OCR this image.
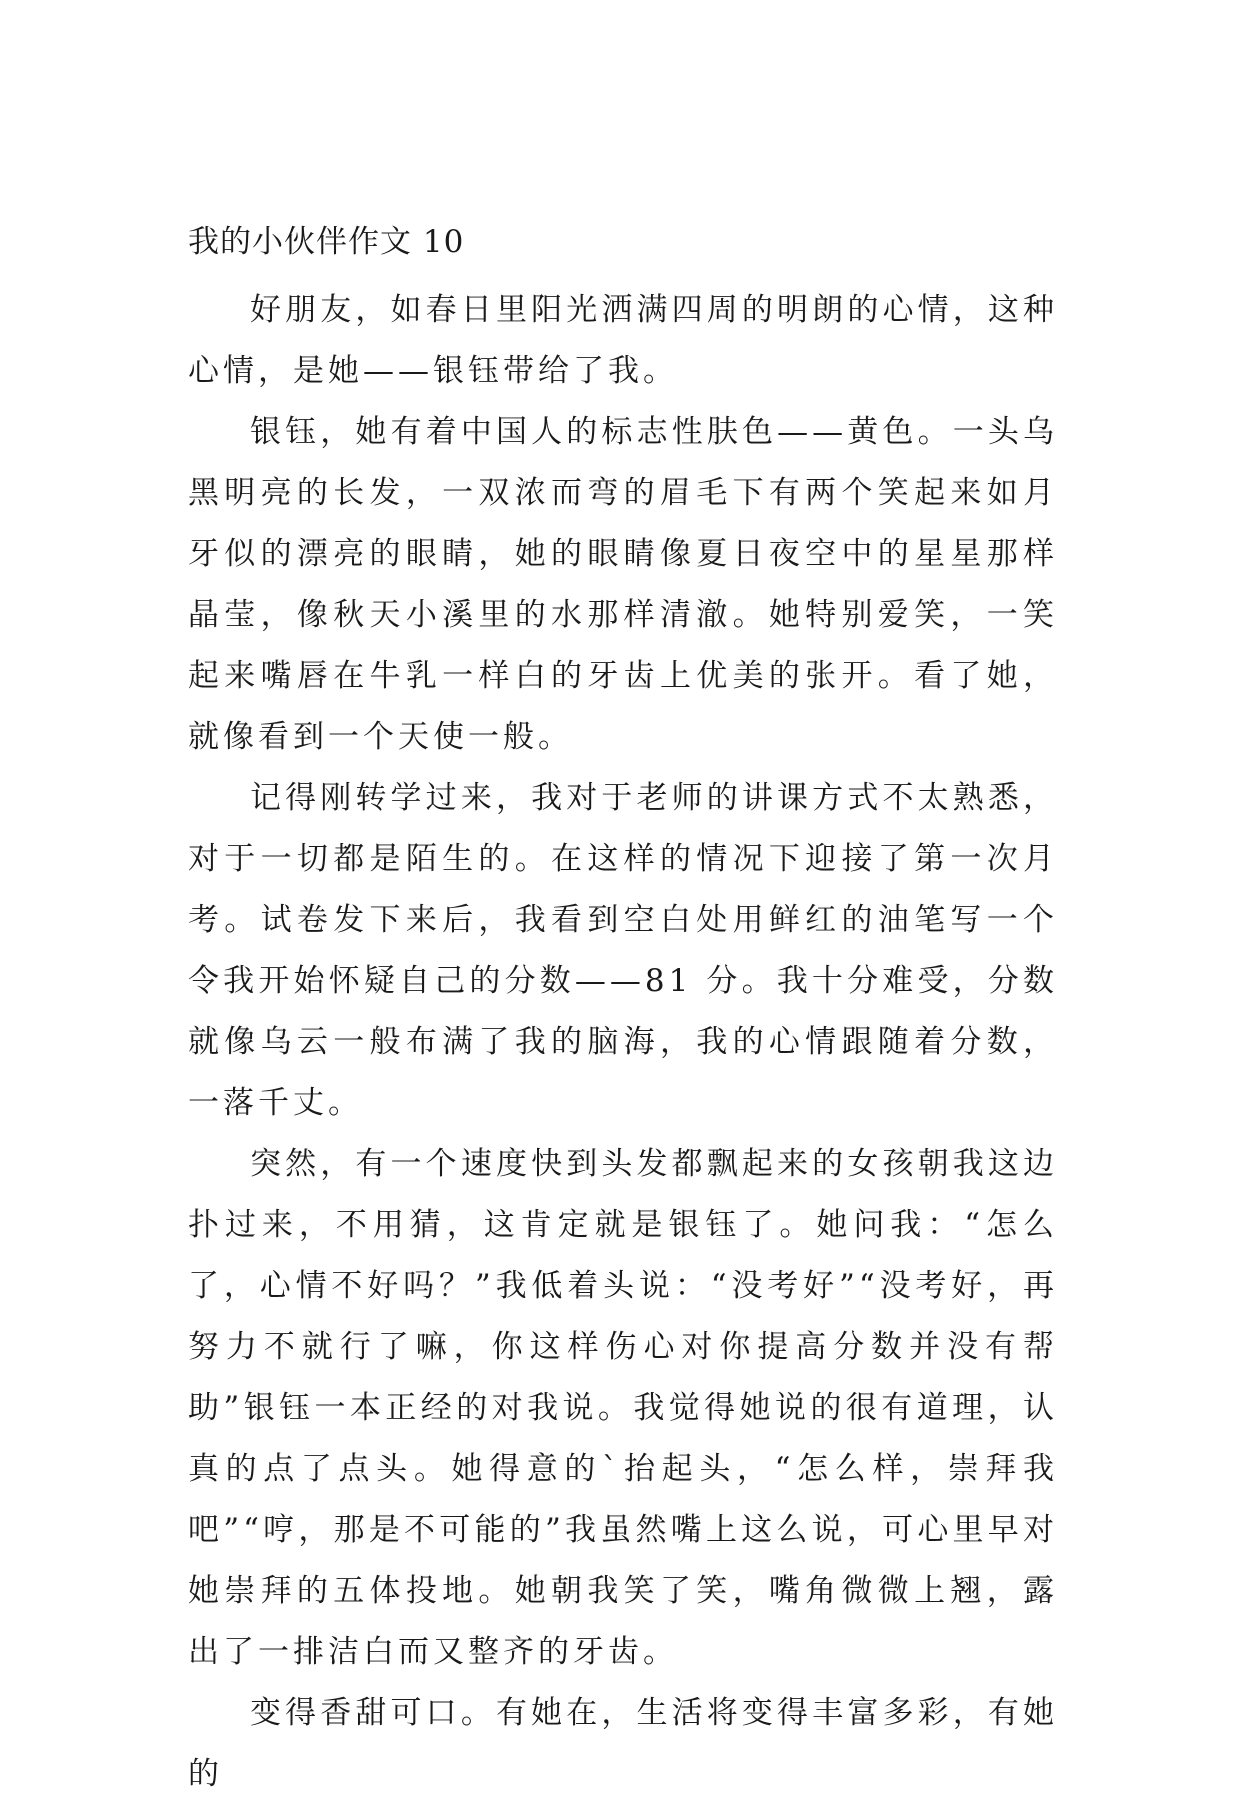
我的小伙伴作文 10

好朋友，如春日里阳光洒满四周的明朗的心情，这种心情，是她——银钰带给了我。

银钰，她有着中国人的标志性肤色——黄色。一头乌黑明亮的长发，一双浓而弯的眉毛下有两个笑起来如月牙似的漂亮的眼睛，她的眼睛像夏日夜空中的星星那样晶莹，像秋天小溪里的水那样清澈。她特别爱笑，一笑起来嘴唇在牛乳一样白的牙齿上优美的张开。看了她，就像看到一个天使一般。

记得刚转学过来，我对于老师的讲课方式不太熟悉，对于一切都是陌生的。在这样的情况下迎接了第一次月考。试卷发下来后，我看到空白处用鲜红的油笔写一个令我开始怀疑自己的分数——81 分。我十分难受，分数就像乌云一般布满了我的脑海，我的心情跟随着分数，一落千丈。

突然，有一个速度快到头发都飘起来的女孩朝我这边扑过来，不用猜，这肯定就是银钰了。她问我：“怎么了，心情不好吗？”我低着头说：“没考好”“没考好，再努力不就行了嘛，你这样伤心对你提高分数并没有帮助”银钰一本正经的对我说。我觉得她说的很有道理，认真的点了点头。她得意的`抬起头，“怎么样，崇拜我吧”“哼，那是不可能的”我虽然嘴上这么说，可心里早对她崇拜的五体投地。她朝我笑了笑，嘴角微微上翘，露出了一排洁白而又整齐的牙齿。

变得香甜可口。有她在，生活将变得丰富多彩，有她的
